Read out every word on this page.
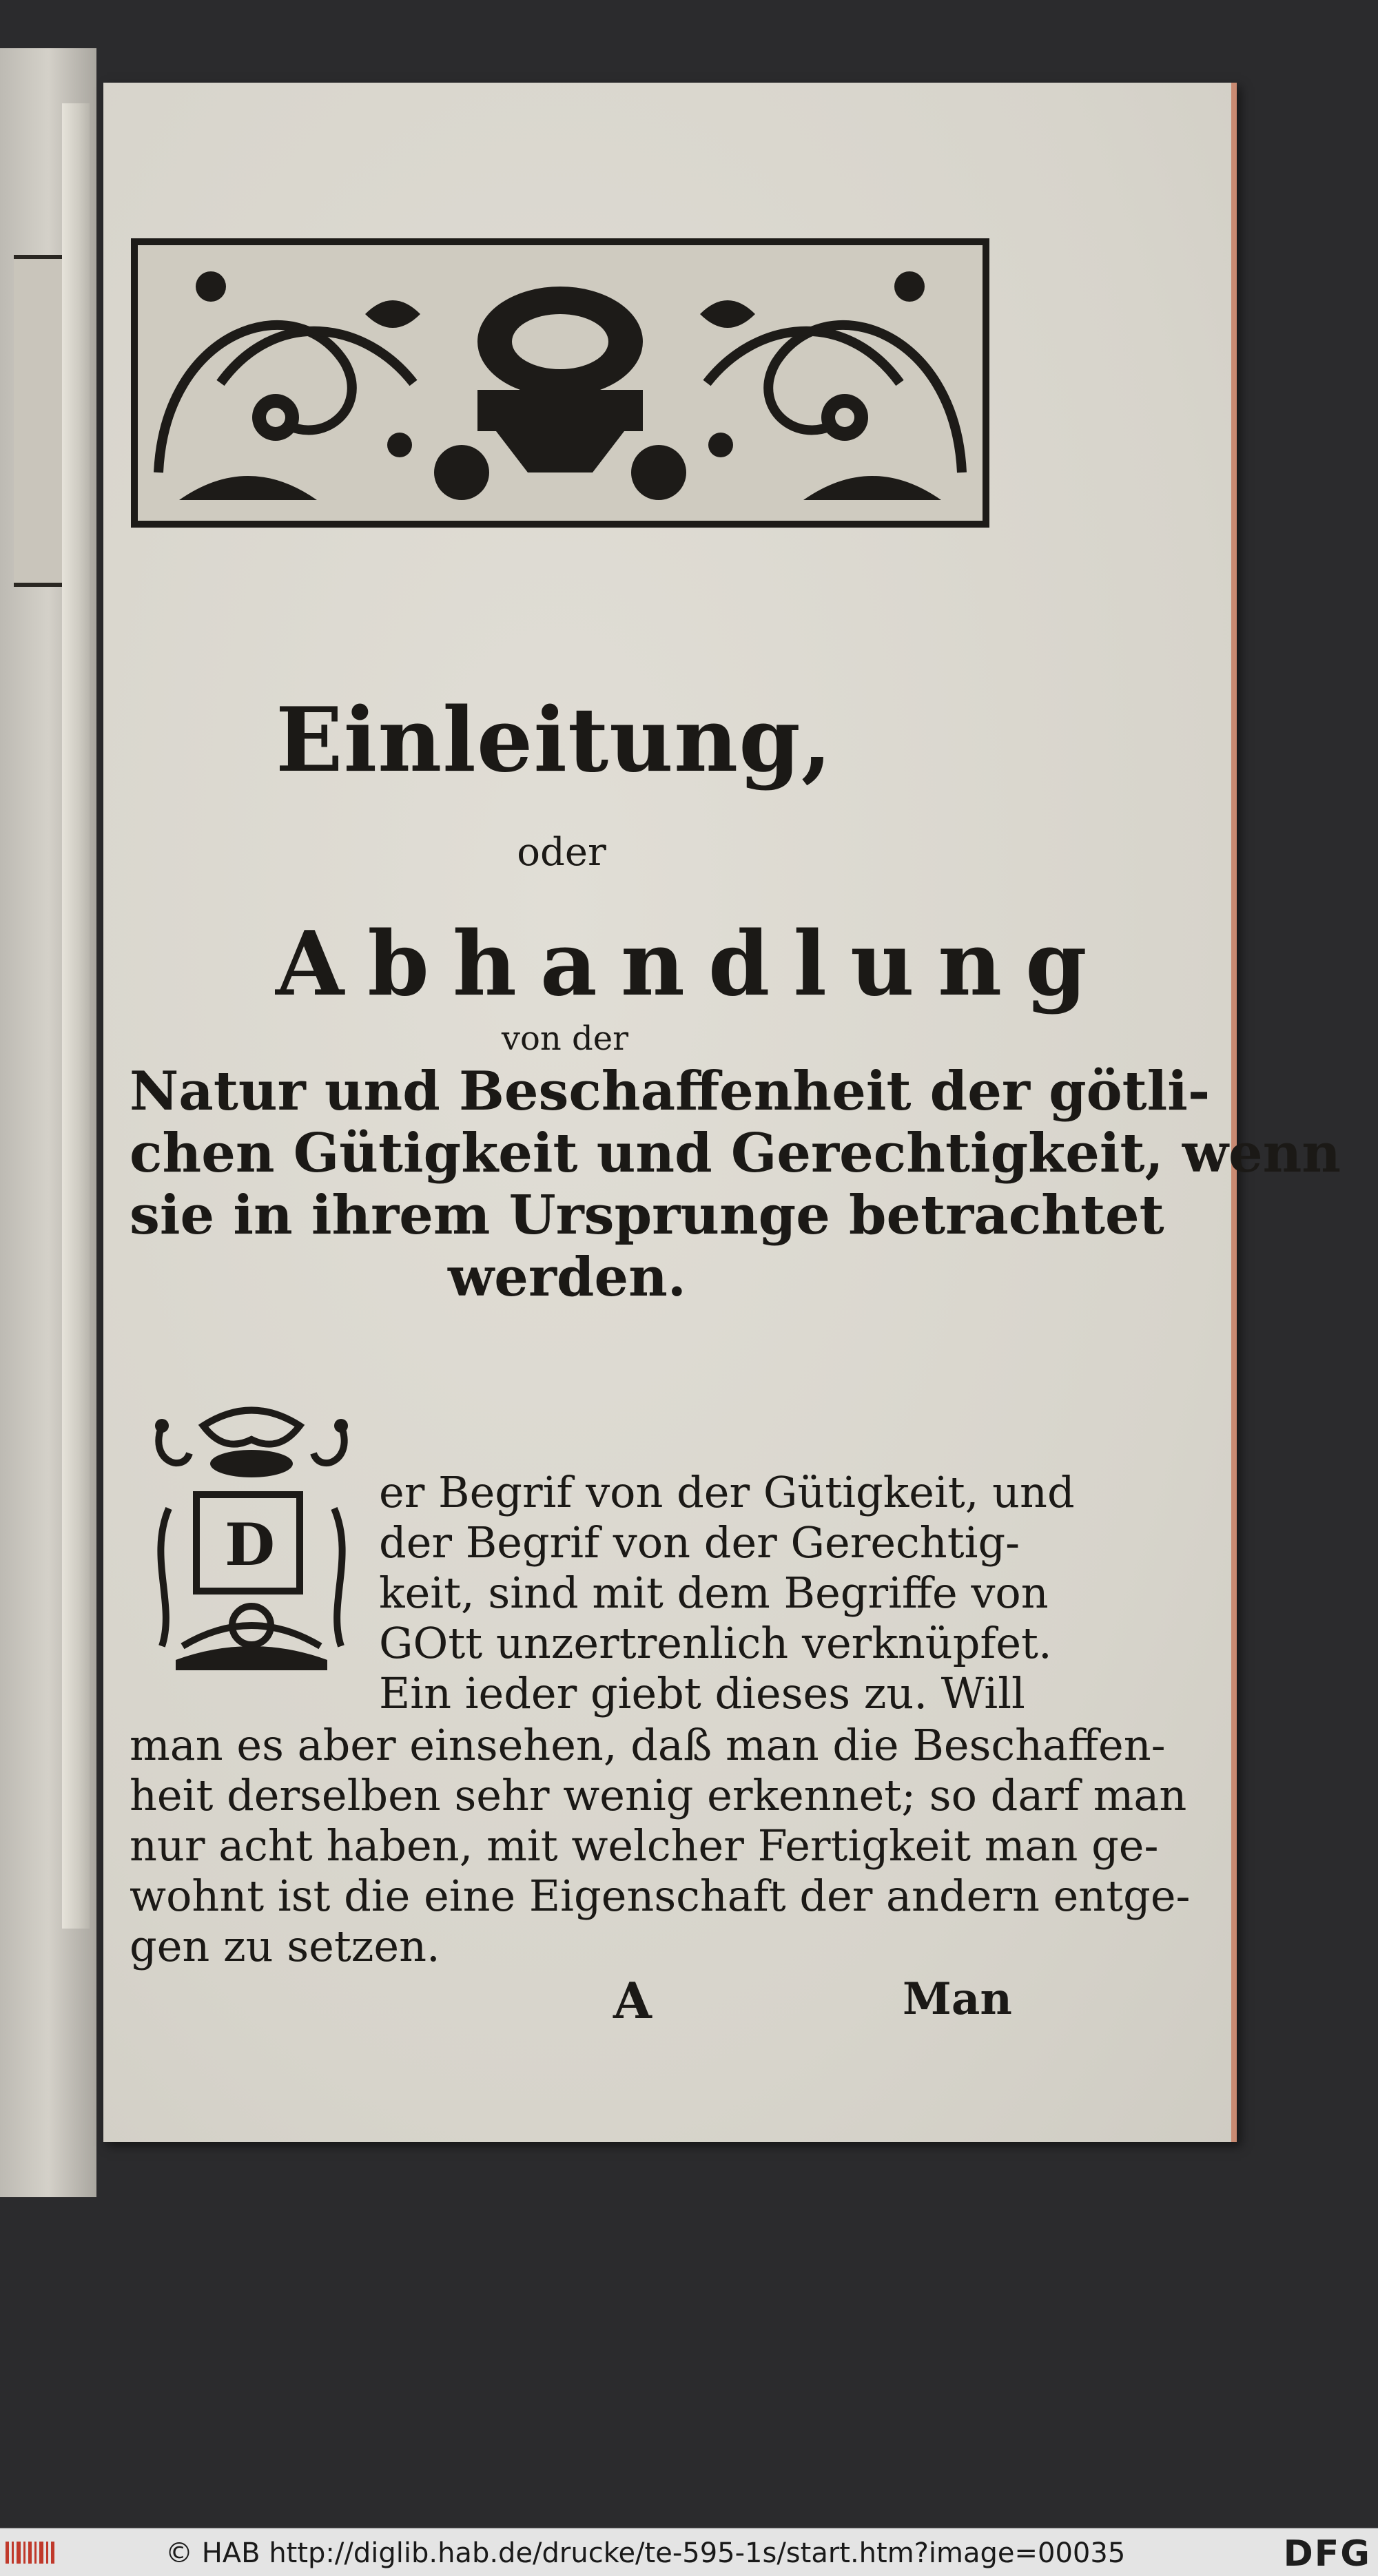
Einleitung,
oder
Abhandlung
von der
Natur und Beschaffenheit der götli-
chen Gütigkeit und Gerechtigkeit, wenn
sie in ihrem Ursprunge betrachtet
werden.
D
er Begrif von der Gütigkeit, und
der Begrif von der Gerechtig-
keit, sind mit dem Begriffe von
GOtt unzertrenlich verknüpfet.
Ein ieder giebt dieses zu. Will
man es aber einsehen, daß man die Beschaffen-
heit derselben sehr wenig erkennet; so darf man
nur acht haben, mit welcher Fertigkeit man ge-
wohnt ist die eine Eigenschaft der andern entge-
gen zu setzen.
A	Man
© HAB http://diglib.hab.de/drucke/te-595-1s/start.htm?image=00035	DFG
